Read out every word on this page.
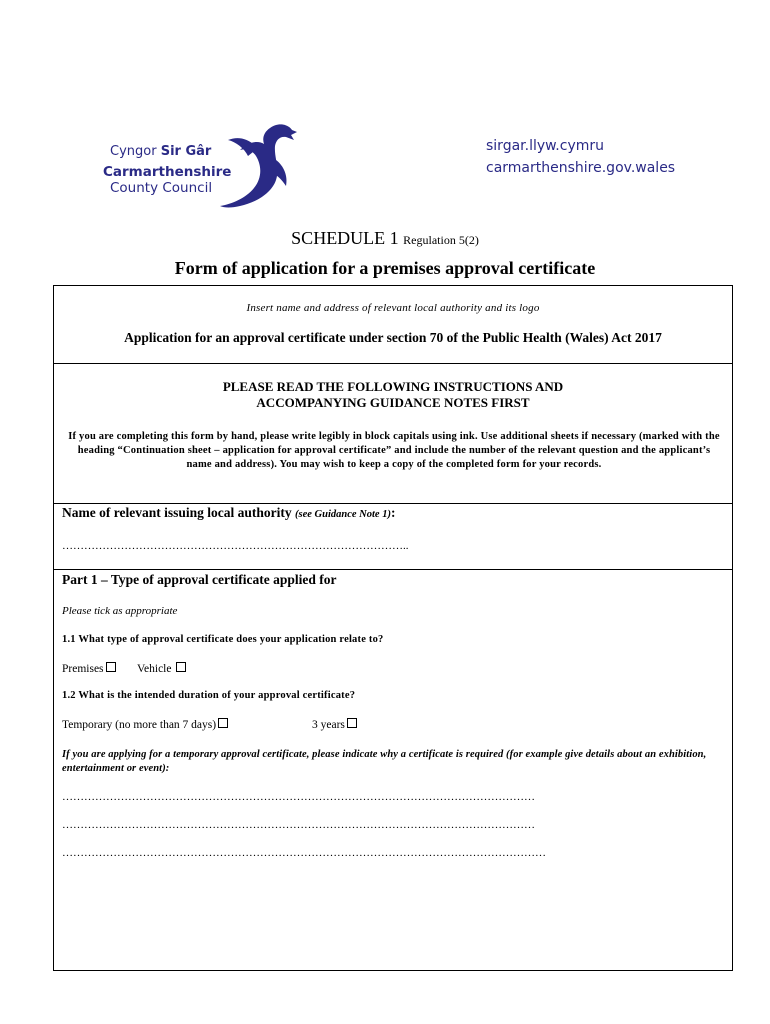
Cyngor Sir Gâr
Carmarthenshire
County Council
sirgar.llyw.cymru
carmarthenshire.gov.wales
SCHEDULE 1 Regulation 5(2)
Form of application for a premises approval certificate
Insert name and address of relevant local authority and its logo
Application for an approval certificate under section 70 of the Public Health (Wales) Act 2017
PLEASE READ THE FOLLOWING INSTRUCTIONS AND
ACCOMPANYING GUIDANCE NOTES FIRST
If you are completing this form by hand, please write legibly in block capitals using ink. Use additional sheets if necessary (marked with the heading “Continuation sheet – application for approval certificate” and include the number of the relevant question and the applicant’s name and address). You may wish to keep a copy of the completed form for your records.
Name of relevant issuing local authority (see Guidance Note 1):
…………………………………………………………………………………..
Part 1 – Type of approval certificate applied for
Please tick as appropriate
1.1 What type of approval certificate does your application relate to?
Premises	Vehicle
1.2 What is the intended duration of your approval certificate?
Temporary (no more than 7 days)	3 years
If you are applying for a temporary approval certificate, please indicate why a certificate is required (for example give details about an exhibition, entertainment or event):
…………………………………………………………………………………………………………………
…………………………………………………………………………………………………………………
……………………………………………………………………………………………………………………
